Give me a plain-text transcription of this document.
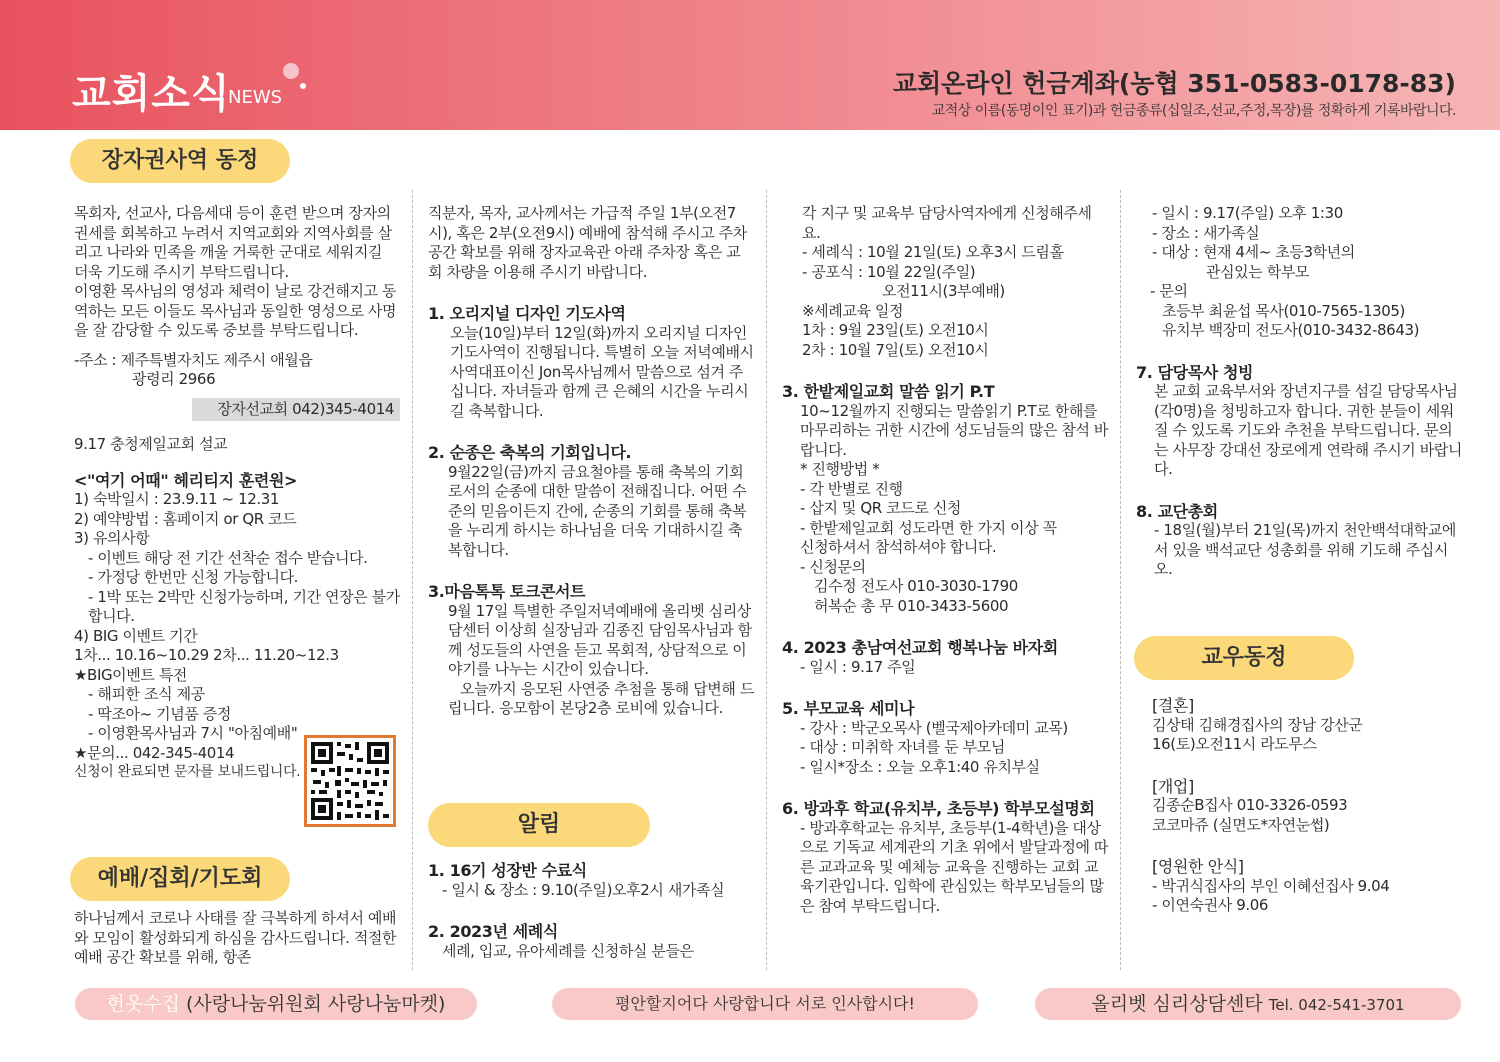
교회소식
NEWS	교회온라인 헌금계좌(농협 351-0583-0178-83)
교적상 이름(동명이인 표기)과 헌금종류(십일조,선교,주정,목장)를 정확하게 기록바랍니다.
장자권사역 동정
예배/집회/기도회
알림
교우동정

목회자, 선교사, 다음세대 등이 훈련 받으며 장자의 권세를 회복하고 누려서 지역교회와 지역사회를 살리고 나라와 민족을 깨울 거룩한 군대로 세워지길 더욱 기도해 주시기 부탁드립니다.

이영환 목사님의 영성과 체력이 날로 강건해지고 동역하는 모든 이들도 목사님과 동일한 영성으로 사명을 잘 감당할 수 있도록 중보를 부탁드립니다.

-주소 : 제주특별자치도 제주시 애월읍

광령리 2966

장자선교회 042)345-4014

9.17 충청제일교회 설교

<"여기 어때" 헤리티지 훈련원>

1) 숙박일시 : 23.9.11 ~ 12.31

2) 예약방법 : 홈페이지 or QR 코드

3) 유의사항

- 이벤트 해당 전 기간 선착순 접수 받습니다.

- 가정당 한번만 신청 가능합니다.

- 1박 또는 2박만 신청가능하며, 기간 연장은 불가합니다.

4) BIG 이벤트 기간

1차... 10.16~10.29 2차... 11.20~12.3

★BIG이벤트 특전

- 해피한 조식 제공

- 딱조아~ 기념품 증정

- 이영환목사님과 7시 "아침예배"

★문의... 042-345-4014

신청이 완료되면 문자를 보내드립니다.

하나님께서 코로나 사태를 잘 극복하게 하셔서 예배와 모임이 활성화되게 하심을 감사드립니다. 적절한 예배 공간 확보를 위해, 항존

직분자, 목자, 교사께서는 가급적 주일 1부(오전7시), 혹은 2부(오전9시) 예배에 참석해 주시고 주차 공간 확보를 위해 장자교육관 아래 주차장 혹은 교회 차량을 이용해 주시기 바랍니다.

1. 오리지널 디자인 기도사역

오늘(10일)부터 12일(화)까지 오리지널 디자인 기도사역이 진행됩니다. 특별히 오늘 저녁예배시 사역대표이신 Jon목사님께서 말씀으로 섬겨 주십니다. 자녀들과 함께 큰 은혜의 시간을 누리시길 축복합니다.

2. 순종은 축복의 기회입니다.

9월22일(금)까지 금요철야를 통해 축복의 기회로서의 순종에 대한 말씀이 전해집니다. 어떤 수준의 믿음이든지 간에, 순종의 기회를 통해 축복을 누리게 하시는 하나님을 더욱 기대하시길 축복합니다.

3.마음톡톡 토크콘서트

9월 17일 특별한 주일저녁예배에 올리벳 심리상담센터 이상희 실장님과 김종진 담임목사님과 함께 성도들의 사연을 듣고 목회적, 상담적으로 이야기를 나누는 시간이 있습니다.

오늘까지 응모된 사연중 추첨을 통해 답변해 드립니다. 응모함이 본당2층 로비에 있습니다.

1. 16기 성장반 수료식

- 일시 & 장소 : 9.10(주일)오후2시 새가족실

2. 2023년 세례식

세례, 입교, 유아세례를 신청하실 분들은

각 지구 및 교육부 담당사역자에게 신청해주세요.

- 세례식 : 10월 21일(토) 오후3시 드림홀

- 공포식 : 10월 22일(주일)

오전11시(3부예배)

※세례교육 일정

1차 : 9월 23일(토) 오전10시

2차 : 10월 7일(토) 오전10시

3. 한밭제일교회 말씀 읽기 P.T

10~12월까지 진행되는 말씀읽기 P.T로 한해를 마무리하는 귀한 시간에 성도님들의 많은 참석 바랍니다.

* 진행방법 *

- 각 반별로 진행

- 삽지 및 QR 코드로 신청

- 한밭제일교회 성도라면 한 가지 이상 꼭 신청하셔서 참석하셔야 합니다.

- 신청문의

김수정 전도사 010-3030-1790

허복순 총 무 010-3433-5600

4. 2023 총남여선교회 행복나눔 바자회

- 일시 : 9.17 주일

5. 부모교육 세미나

- 강사 : 박군오목사 (벨국제아카데미 교목)

- 대상 : 미취학 자녀를 둔 부모님

- 일시*장소 : 오늘 오후1:40 유치부실

6. 방과후 학교(유치부, 초등부) 학부모설명회

- 방과후학교는 유치부, 초등부(1-4학년)을 대상으로 기독교 세계관의 기초 위에서 발달과정에 따른 교과교육 및 예체능 교육을 진행하는 교회 교육기관입니다. 입학에 관심있는 학부모님들의 많은 참여 부탁드립니다.

- 일시 : 9.17(주일) 오후 1:30

- 장소 : 새가족실

- 대상 : 현재 4세~ 초등3학년의

관심있는 학부모

- 문의

초등부 최윤섭 목사(010-7565-1305)

유치부 백장미 전도사(010-3432-8643)

7. 담당목사 청빙

본 교회 교육부서와 장년지구를 섬길 담당목사님(각0명)을 청빙하고자 합니다. 귀한 분들이 세워질 수 있도록 기도와 추천을 부탁드립니다. 문의는 사무장 강대선 장로에게 연락해 주시기 바랍니다.

8. 교단총회

- 18일(월)부터 21일(목)까지 천안백석대학교에서 있을 백석교단 성총회를 위해 기도해 주십시오.

[결혼]

김상태 김해경집사의 장남 강산군

16(토)오전11시 라도무스

[개업]

김종순B집사 010-3326-0593

코코마쥬 (실면도*자연눈썹)

[영원한 안식]

- 박귀식집사의 부인 이혜선집사 9.04

- 이연숙권사 9.06

헌옷수집 (사랑나눔위원회 사랑나눔마켓)	평안할지어다 사랑합니다 서로 인사합시다!	올리벳 심리상담센타 Tel. 042-541-3701
